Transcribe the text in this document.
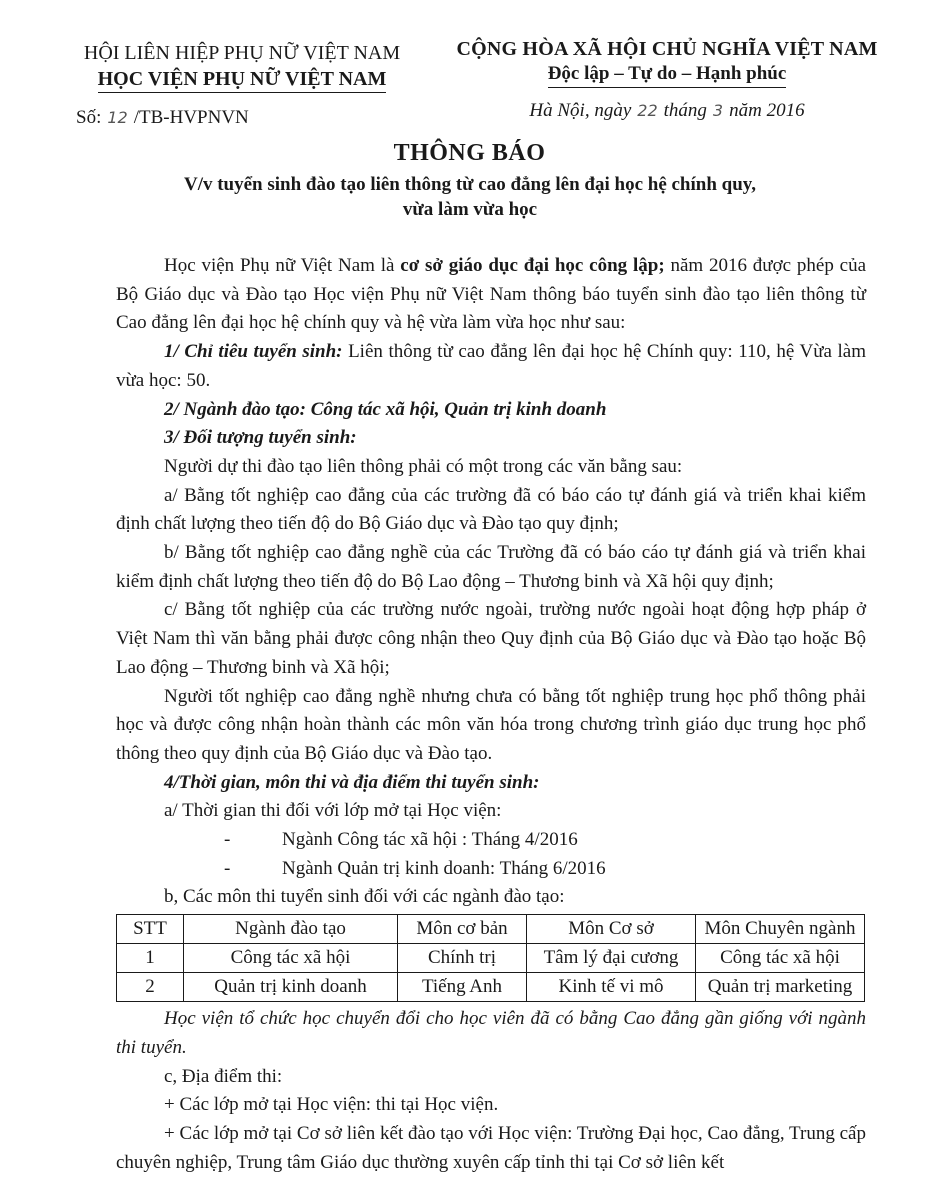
HỘI LIÊN HIỆP PHỤ NỮ VIỆT NAM
HỌC VIỆN PHỤ NỮ VIỆT NAM
Số: 12 /TB-HVPNVN
CỘNG HÒA XÃ HỘI CHỦ NGHĨA VIỆT NAM
Độc lập – Tự do – Hạnh phúc
Hà Nội, ngày 22 tháng 3 năm 2016
THÔNG BÁO
V/v tuyển sinh đào tạo liên thông từ cao đẳng lên đại học hệ chính quy,
vừa làm vừa học

Học viện Phụ nữ Việt Nam là cơ sở giáo dục đại học công lập; năm 2016 được phép của Bộ Giáo dục và Đào tạo Học viện Phụ nữ Việt Nam thông báo tuyển sinh đào tạo liên thông từ Cao đẳng lên đại học hệ chính quy và hệ vừa làm vừa học như sau:

1/ Chỉ tiêu tuyển sinh: Liên thông từ cao đẳng lên đại học hệ Chính quy: 110, hệ Vừa làm vừa học: 50.

2/ Ngành đào tạo: Công tác xã hội, Quản trị kinh doanh

3/ Đối tượng tuyển sinh:

Người dự thi đào tạo liên thông phải có một trong các văn bằng sau:

a/ Bằng tốt nghiệp cao đẳng của các trường đã có báo cáo tự đánh giá và triển khai kiểm định chất lượng theo tiến độ do Bộ Giáo dục và Đào tạo quy định;

b/ Bằng tốt nghiệp cao đẳng nghề của các Trường đã có báo cáo tự đánh giá và triển khai kiểm định chất lượng theo tiến độ do Bộ Lao động – Thương binh và Xã hội quy định;

c/ Bằng tốt nghiệp của các trường nước ngoài, trường nước ngoài hoạt động hợp pháp ở Việt Nam thì văn bằng phải được công nhận theo Quy định của Bộ Giáo dục và Đào tạo hoặc Bộ Lao động – Thương binh và Xã hội;

Người tốt nghiệp cao đẳng nghề nhưng chưa có bằng tốt nghiệp trung học phổ thông phải học và được công nhận hoàn thành các môn văn hóa trong chương trình giáo dục trung học phổ thông theo quy định của Bộ Giáo dục và Đào tạo.

4/Thời gian, môn thi và địa điểm thi tuyển sinh:

a/ Thời gian thi đối với lớp mở tại Học viện:

-	Ngành Công tác xã hội : Tháng 4/2016

-	Ngành Quản trị kinh doanh: Tháng 6/2016

b, Các môn thi tuyển sinh đối với các ngành đào tạo:

STT	Ngành đào tạo	Môn cơ bản	Môn Cơ sở	Môn Chuyên ngành
1	Công tác xã hội	Chính trị	Tâm lý đại cương	Công tác xã hội
2	Quản trị kinh doanh	Tiếng Anh	Kinh tế vi mô	Quản trị marketing

Học viện tổ chức học chuyển đổi cho học viên đã có bằng Cao đẳng gần giống với ngành thi tuyển.

c, Địa điểm thi:

+ Các lớp mở tại Học viện: thi tại Học viện.

+ Các lớp mở tại Cơ sở liên kết đào tạo với Học viện: Trường Đại học, Cao đẳng, Trung cấp chuyên nghiệp, Trung tâm Giáo dục thường xuyên cấp tỉnh thi tại Cơ sở liên kết
